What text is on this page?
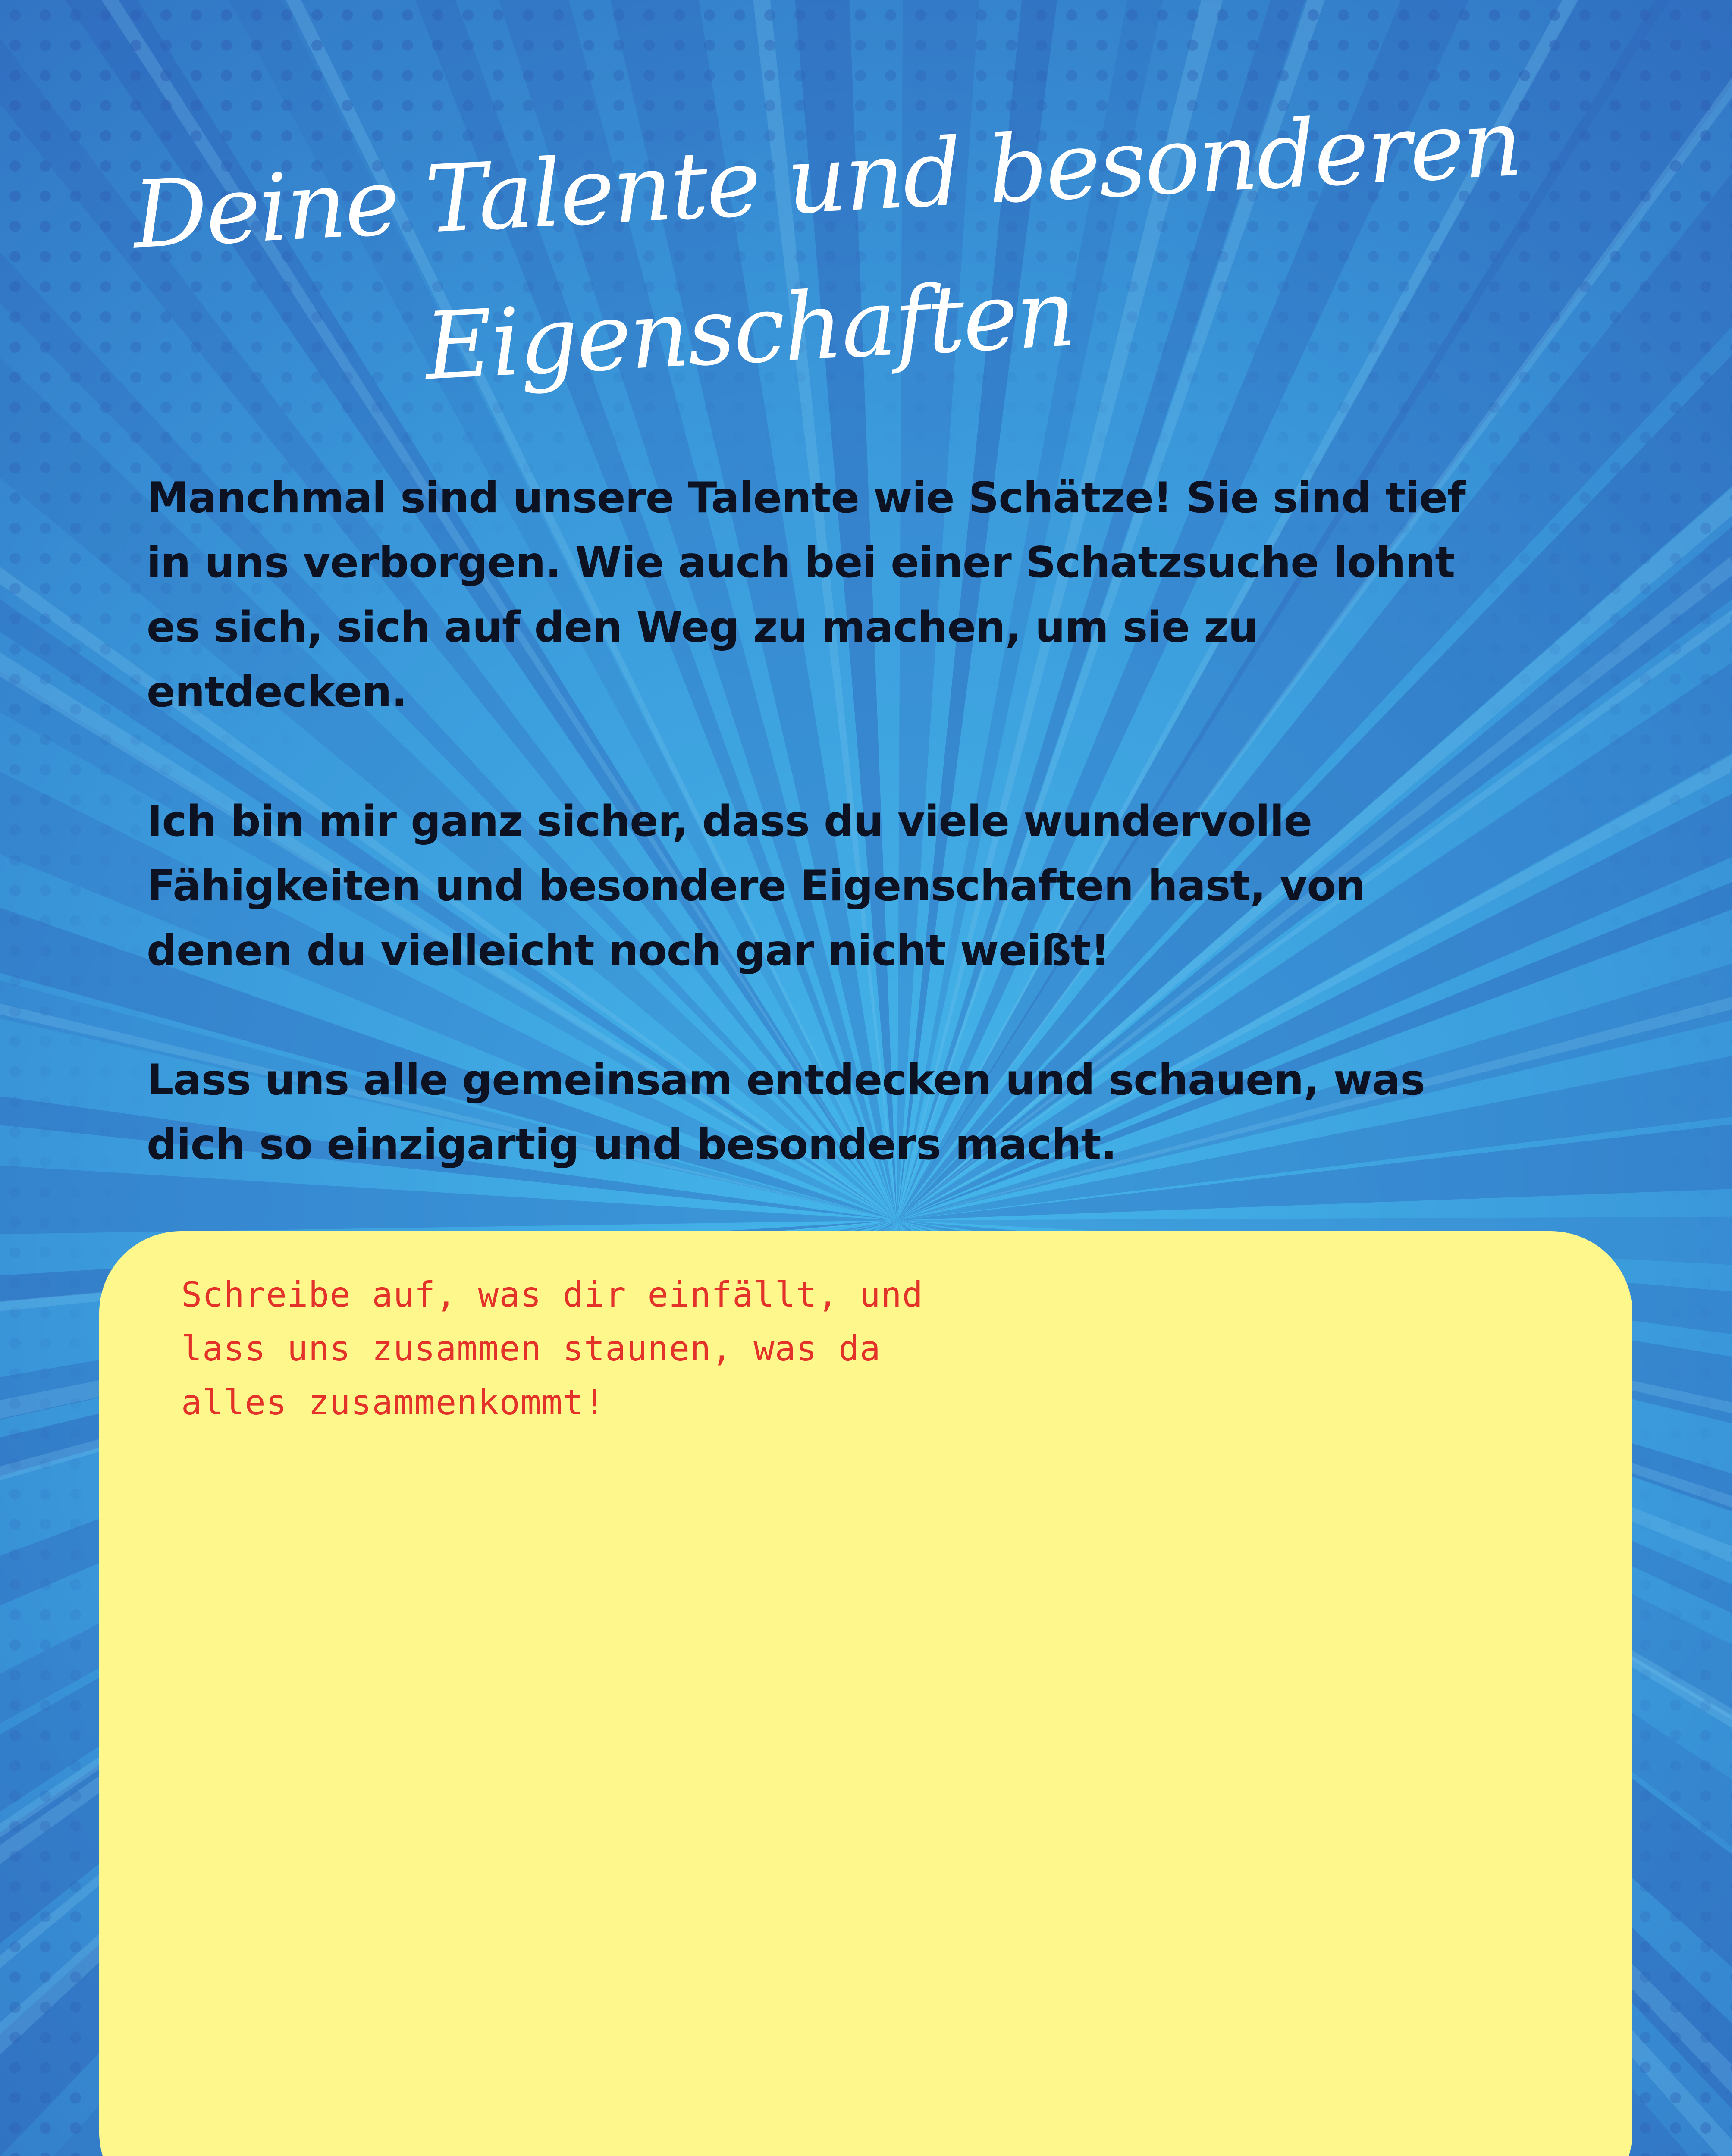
Deine Talente und besonderen
Eigenschaften

Manchmal sind unsere Talente wie Schätze! Sie sind tief in uns verborgen. Wie auch bei einer Schatzsuche lohnt es sich, sich auf den Weg zu machen, um sie zu entdecken.

Ich bin mir ganz sicher, dass du viele wundervolle Fähigkeiten und besondere Eigenschaften hast, von denen du vielleicht noch gar nicht weißt!

Lass uns alle gemeinsam entdecken und schauen, was dich so einzigartig und besonders macht.

Schreibe auf, was dir einfällt, und lass uns zusammen staunen, was da alles zusammenkommt!
